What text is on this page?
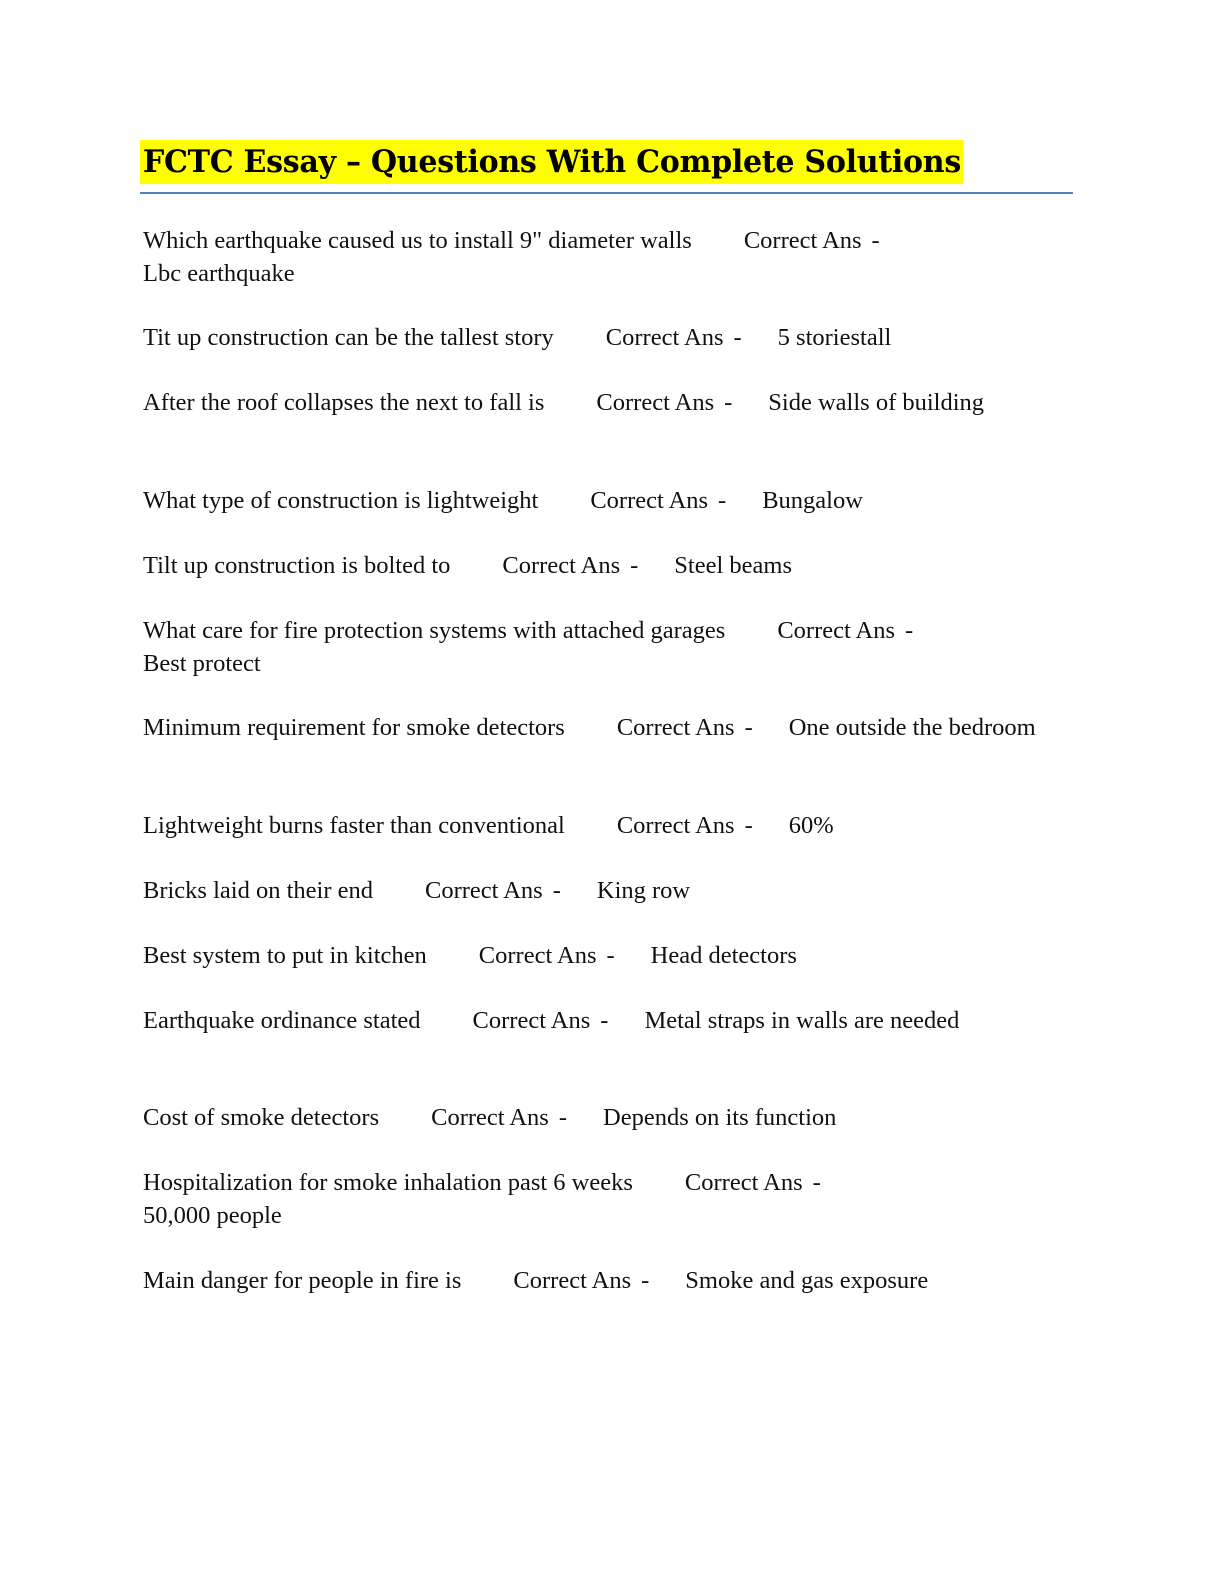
FCTC Essay – Questions With Complete Solutions
Which earthquake caused us to install 9" diameter walls Correct Ans -
Lbc earthquake
Tit up construction can be the tallest story Correct Ans - 5 storiestall
After the roof collapses the next to fall is Correct Ans - Side walls of building
What type of construction is lightweight Correct Ans - Bungalow
Tilt up construction is bolted to Correct Ans - Steel beams
What care for fire protection systems with attached garages Correct Ans -
Best protect
Minimum requirement for smoke detectors Correct Ans - One outside the bedroom
Lightweight burns faster than conventional Correct Ans - 60%
Bricks laid on their end Correct Ans - King row
Best system to put in kitchen Correct Ans - Head detectors
Earthquake ordinance stated Correct Ans - Metal straps in walls are needed
Cost of smoke detectors Correct Ans - Depends on its function
Hospitalization for smoke inhalation past 6 weeks Correct Ans -
50,000 people
Main danger for people in fire is Correct Ans - Smoke and gas exposure
